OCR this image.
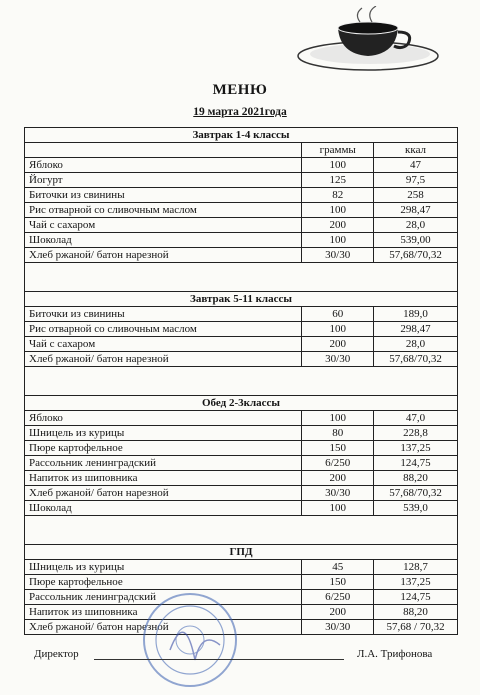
МЕНЮ
19 марта 2021года
Завтрак 1-4 классы		
	граммы	ккал
Яблоко	100	47
Йогурт	125	97,5
Биточки из свинины	82	258
Рис отварной со сливочным маслом	100	298,47
Чай с сахаром	200	28,0
Шоколад	100	539,00
Хлеб ржаной/ батон нарезной	30/30	57,68/70,32

Завтрак 5-11 классы		
Биточки из свинины	60	189,0
Рис отварной со сливочным маслом	100	298,47
Чай с сахаром	200	28,0
Хлеб ржаной/ батон нарезной	30/30	57,68/70,32

Обед 2-3классы		
Яблоко	100	47,0
Шницель из курицы	80	228,8
Пюре картофельное	150	137,25
Рассольник ленинградский	6/250	124,75
Напиток из шиповника	200	88,20
Хлеб ржаной/ батон нарезной	30/30	57,68/70,32
Шоколад	100	539,0

ГПД		
Шницель из курицы	45	128,7
Пюре картофельное	150	137,25
Рассольник ленинградский	6/250	124,75
Напиток из шиповника	200	88,20
Хлеб ржаной/ батон нарезной	30/30	57,68 / 70,32
Директор	Л.А. Трифонова
